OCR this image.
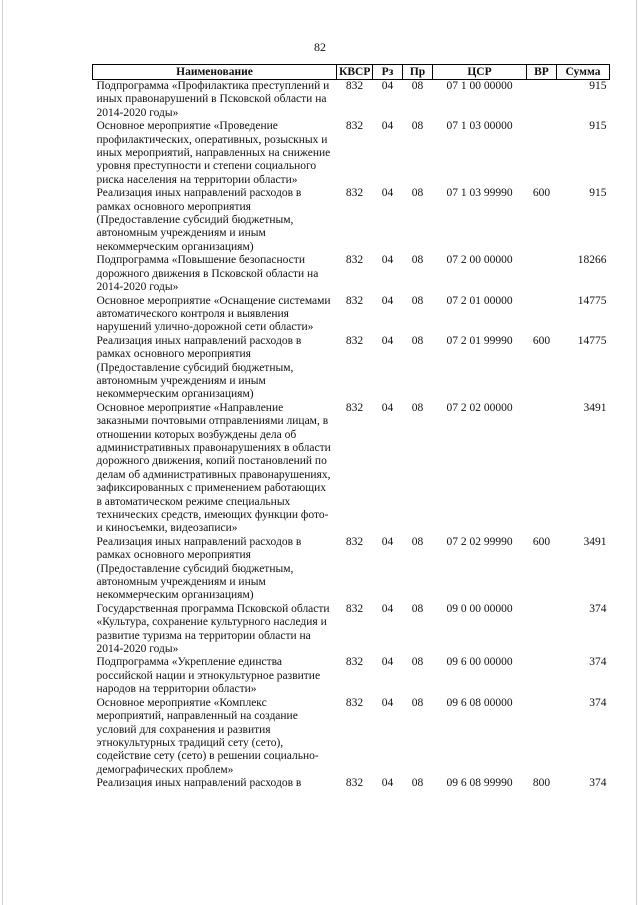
82
Наименование	КВСР	Рз	Пр	ЦСР	ВР	Сумма
Подпрограмма «Профилактика преступлений и иных правонарушений в Псковской области на 2014-2020 годы»	832	04	08	07 1 00 00000		915
Основное мероприятие «Проведение профилактических, оперативных, розыскных и иных мероприятий, направленных на снижение уровня преступности и степени социального риска населения на территории области»	832	04	08	07 1 03 00000		915
Реализация иных направлений расходов в рамках основного мероприятия (Предоставление субсидий бюджетным, автономным учреждениям и иным некоммерческим организациям)	832	04	08	07 1 03 99990	600	915
Подпрограмма «Повышение безопасности дорожного движения в Псковской области на 2014-2020 годы»	832	04	08	07 2 00 00000		18266
Основное мероприятие «Оснащение системами автоматического контроля и выявления нарушений улично-дорожной сети области»	832	04	08	07 2 01 00000		14775
Реализация иных направлений расходов в рамках основного мероприятия (Предоставление субсидий бюджетным, автономным учреждениям и иным некоммерческим организациям)	832	04	08	07 2 01 99990	600	14775
Основное мероприятие «Направление заказными почтовыми отправлениями лицам, в отношении которых возбуждены дела об административных правонарушениях в области дорожного движения, копий постановлений по делам об административных правонарушениях, зафиксированных с применением работающих в автоматическом режиме специальных технических средств, имеющих функции фото- и киносъемки, видеозаписи»	832	04	08	07 2 02 00000		3491
Реализация иных направлений расходов в рамках основного мероприятия (Предоставление субсидий бюджетным, автономным учреждениям и иным некоммерческим организациям)	832	04	08	07 2 02 99990	600	3491
Государственная программа Псковской области «Культура, сохранение культурного наследия и развитие туризма на территории области на 2014-2020 годы»	832	04	08	09 0 00 00000		374
Подпрограмма «Укрепление единства российской нации и этнокультурное развитие народов на территории области»	832	04	08	09 6 00 00000		374
Основное мероприятие «Комплекс мероприятий, направленный на создание условий для сохранения и развития этнокультурных традиций сету (сето), содействие сету (сето) в решении социально-демографических проблем»	832	04	08	09 6 08 00000		374
Реализация иных направлений расходов в	832	04	08	09 6 08 99990	800	374
